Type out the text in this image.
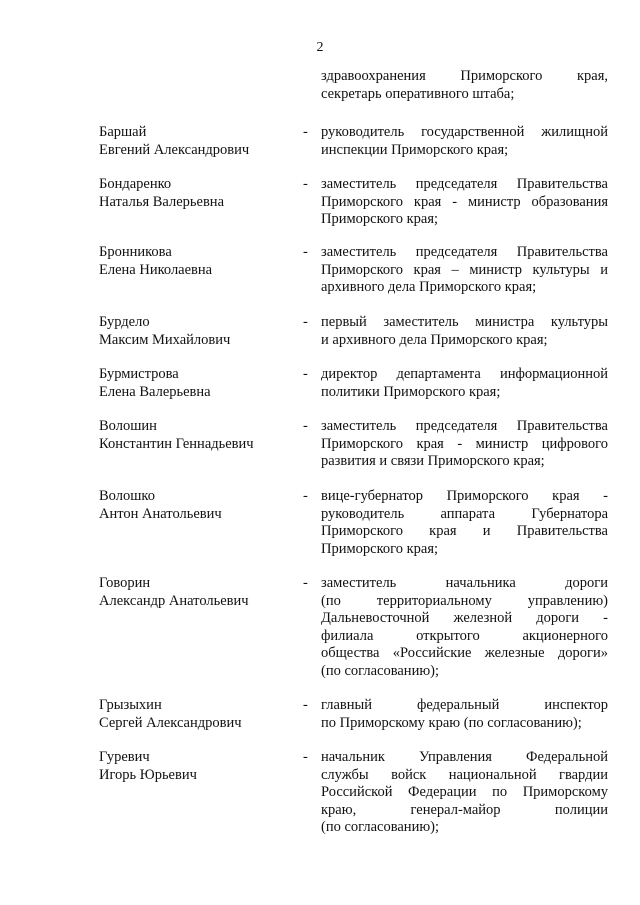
2
здравоохранения Приморского края,
секретарь оперативного штаба;
Баршай
Евгений Александрович
- руководитель государственной жилищной
инспекции Приморского края;
Бондаренко
Наталья Валерьевна
- заместитель председателя Правительства
Приморского края - министр образования
Приморского края;
Бронникова
Елена Николаевна
- заместитель председателя Правительства
Приморского края – министр культуры и
архивного дела Приморского края;
Бурдело
Максим Михайлович
- первый заместитель министра культуры
и архивного дела Приморского края;
Бурмистрова
Елена Валерьевна
- директор департамента информационной
политики Приморского края;
Волошин
Константин Геннадьевич
- заместитель председателя Правительства
Приморского края - министр цифрового
развития и связи Приморского края;
Волошко
Антон Анатольевич
- вице-губернатор Приморского края -
руководитель аппарата Губернатора
Приморского края и Правительства
Приморского края;
Говорин
Александр Анатольевич
- заместитель начальника дороги
(по территориальному управлению)
Дальневосточной железной дороги -
филиала открытого акционерного
общества «Российские железные дороги»
(по согласованию);
Грызыхин
Сергей Александрович
- главный федеральный инспектор
по Приморскому краю (по согласованию);
Гуревич
Игорь Юрьевич
- начальник Управления Федеральной
службы войск национальной гвардии
Российской Федерации по Приморскому
краю, генерал-майор полиции
(по согласованию);
